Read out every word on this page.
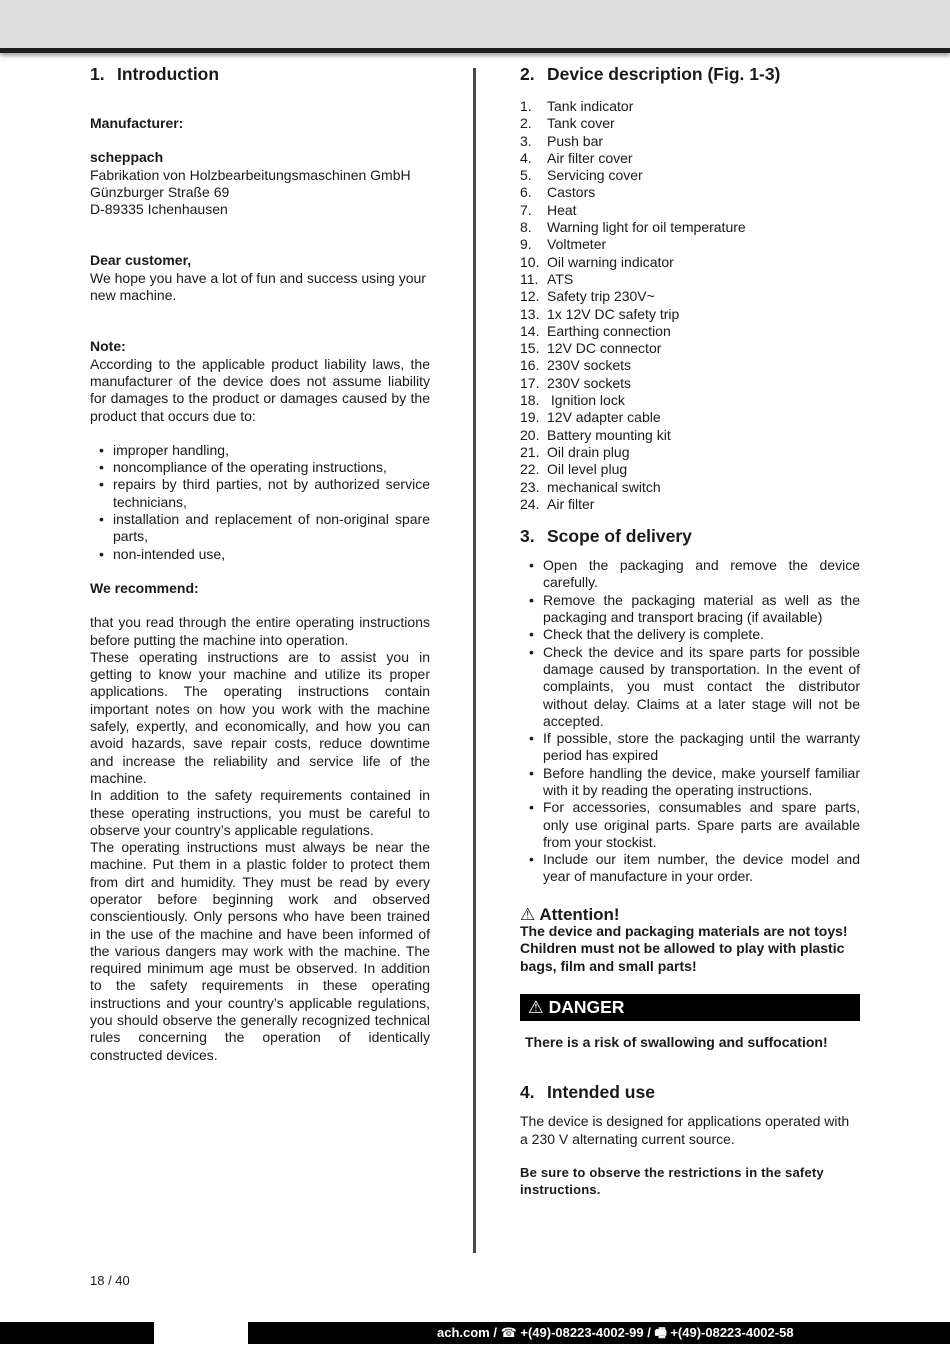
1. Introduction

Manufacturer:

scheppach

Fabrikation von Holzbearbeitungsmaschinen GmbH

Günzburger Straße 69

D-89335 Ichenhausen

Dear customer,

We hope you have a lot of fun and success using your new machine.

Note:

According to the applicable product liability laws, the manufacturer of the device does not assume liability for damages to the product or damages caused by the product that occurs due to:

• improper handling,
• noncompliance of the operating instructions,
• repairs by third parties, not by authorized service technicians,
• installation and replacement of non-original spare parts,
• non-intended use,

We recommend:

that you read through the entire operating instructions before putting the machine into operation.

These operating instructions are to assist you in getting to know your machine and utilize its proper applications. The operating instructions contain important notes on how you work with the machine safely, expertly, and economically, and how you can avoid hazards, save repair costs, reduce downtime and increase the reliability and service life of the machine.

In addition to the safety requirements contained in these operating instructions, you must be careful to observe your country’s applicable regulations.

The operating instructions must always be near the machine. Put them in a plastic folder to protect them from dirt and humidity. They must be read by every operator before beginning work and observed conscientiously. Only persons who have been trained in the use of the machine and have been informed of the various dangers may work with the machine. The required minimum age must be observed. In addition to the safety requirements in these operating instructions and your country’s applicable regulations, you should observe the generally recognized technical rules concerning the operation of identically constructed devices.

2. Device description (Fig. 1-3)
1.	Tank indicator
2.	Tank cover
3.	Push bar
4.	Air filter cover
5.	Servicing cover
6.	Castors
7.	Heat
8.	Warning light for oil temperature
9.	Voltmeter
10. Oil warning indicator
11. ATS
12. Safety trip 230V~
13. 1x 12V DC safety trip
14. Earthing connection
15. 12V DC connector
16. 230V sockets
17. 230V sockets
18. Ignition lock
19. 12V adapter cable
20. Battery mounting kit
21. Oil drain plug
22. Oil level plug
23. mechanical switch
24. Air filter
3. Scope of delivery
• Open the packaging and remove the device carefully.
• Remove the packaging material as well as the packaging and transport bracing (if available)
• Check that the delivery is complete.
• Check the device and its spare parts for possible damage caused by transportation. In the event of complaints, you must contact the distributor without delay. Claims at a later stage will not be accepted.
• If possible, store the packaging until the warranty period has expired
• Before handling the device, make yourself familiar with it by reading the operating instructions.
• For accessories, consumables and spare parts, only use original parts. Spare parts are available from your stockist.
• Include our item number, the device model and year of manufacture in your order.
⚠ Attention!

The device and packaging materials are not toys! Children must not be allowed to play with plastic bags, film and small parts!

⚠ DANGER

There is a risk of swallowing and suffocation!

4. Intended use

The device is designed for applications operated with a 230 V alternating current source.

Be sure to observe the restrictions in the safety instructions.

18 / 40
ach.com / ☎ +(49)-08223-4002-99 / 🖷 +(49)-08223-4002-58
